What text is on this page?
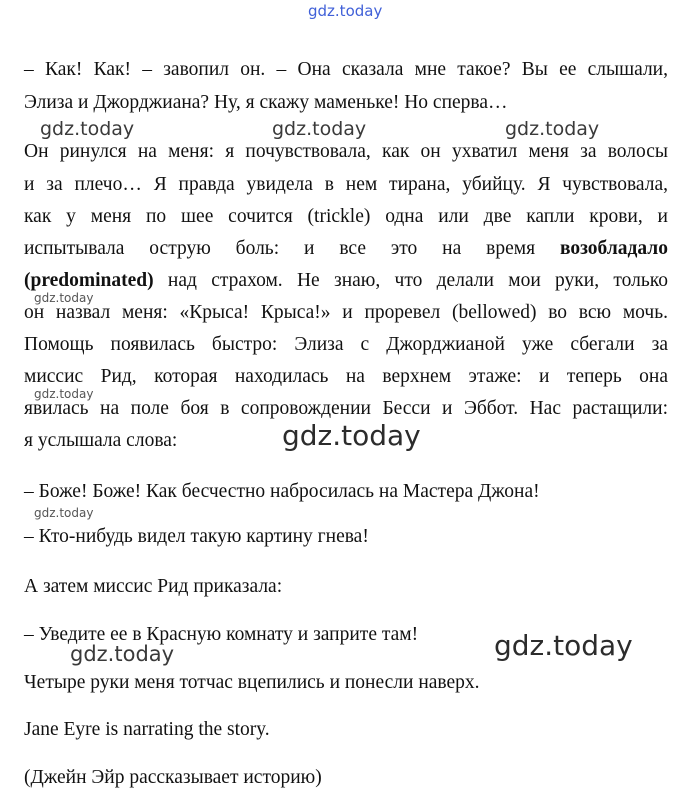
gdz.today
– Как! Как! – завопил он. – Она сказала мне такое? Вы ее слышали,
Элиза и Джорджиана? Ну, я скажу маменьке! Но сперва…
gdz.today	gdz.today	gdz.today
Он ринулся на меня: я почувствовала, как он ухватил меня за волосы
и за плечо… Я правда увидела в нем тирана, убийцу. Я чувствовала,
как у меня по шее сочится (trickle) одна или две капли крови, и
испытывала острую боль: и все это на время возобладало
(predominated) над страхом. Не знаю, что делали мои руки, только
gdz.today
он назвал меня: «Крыса! Крыса!» и проревел (bellowed) во всю мочь.
Помощь появилась быстро: Элиза с Джорджианой уже сбегали за
миссис Рид, которая находилась на верхнем этаже: и теперь она
gdz.today
явилась на поле боя в сопровождении Бесси и Эббот. Нас растащили:
я услышала слова:	gdz.today
– Боже! Боже! Как бесчестно набросилась на Мастера Джона!
gdz.today
– Кто-нибудь видел такую картину гнева!
А затем миссис Рид приказала:
– Уведите ее в Красную комнату и заприте там!
gdz.today	gdz.today
Четыре руки меня тотчас вцепились и понесли наверх.
Jane Eyre is narrating the story.
(Джейн Эйр рассказывает историю)
